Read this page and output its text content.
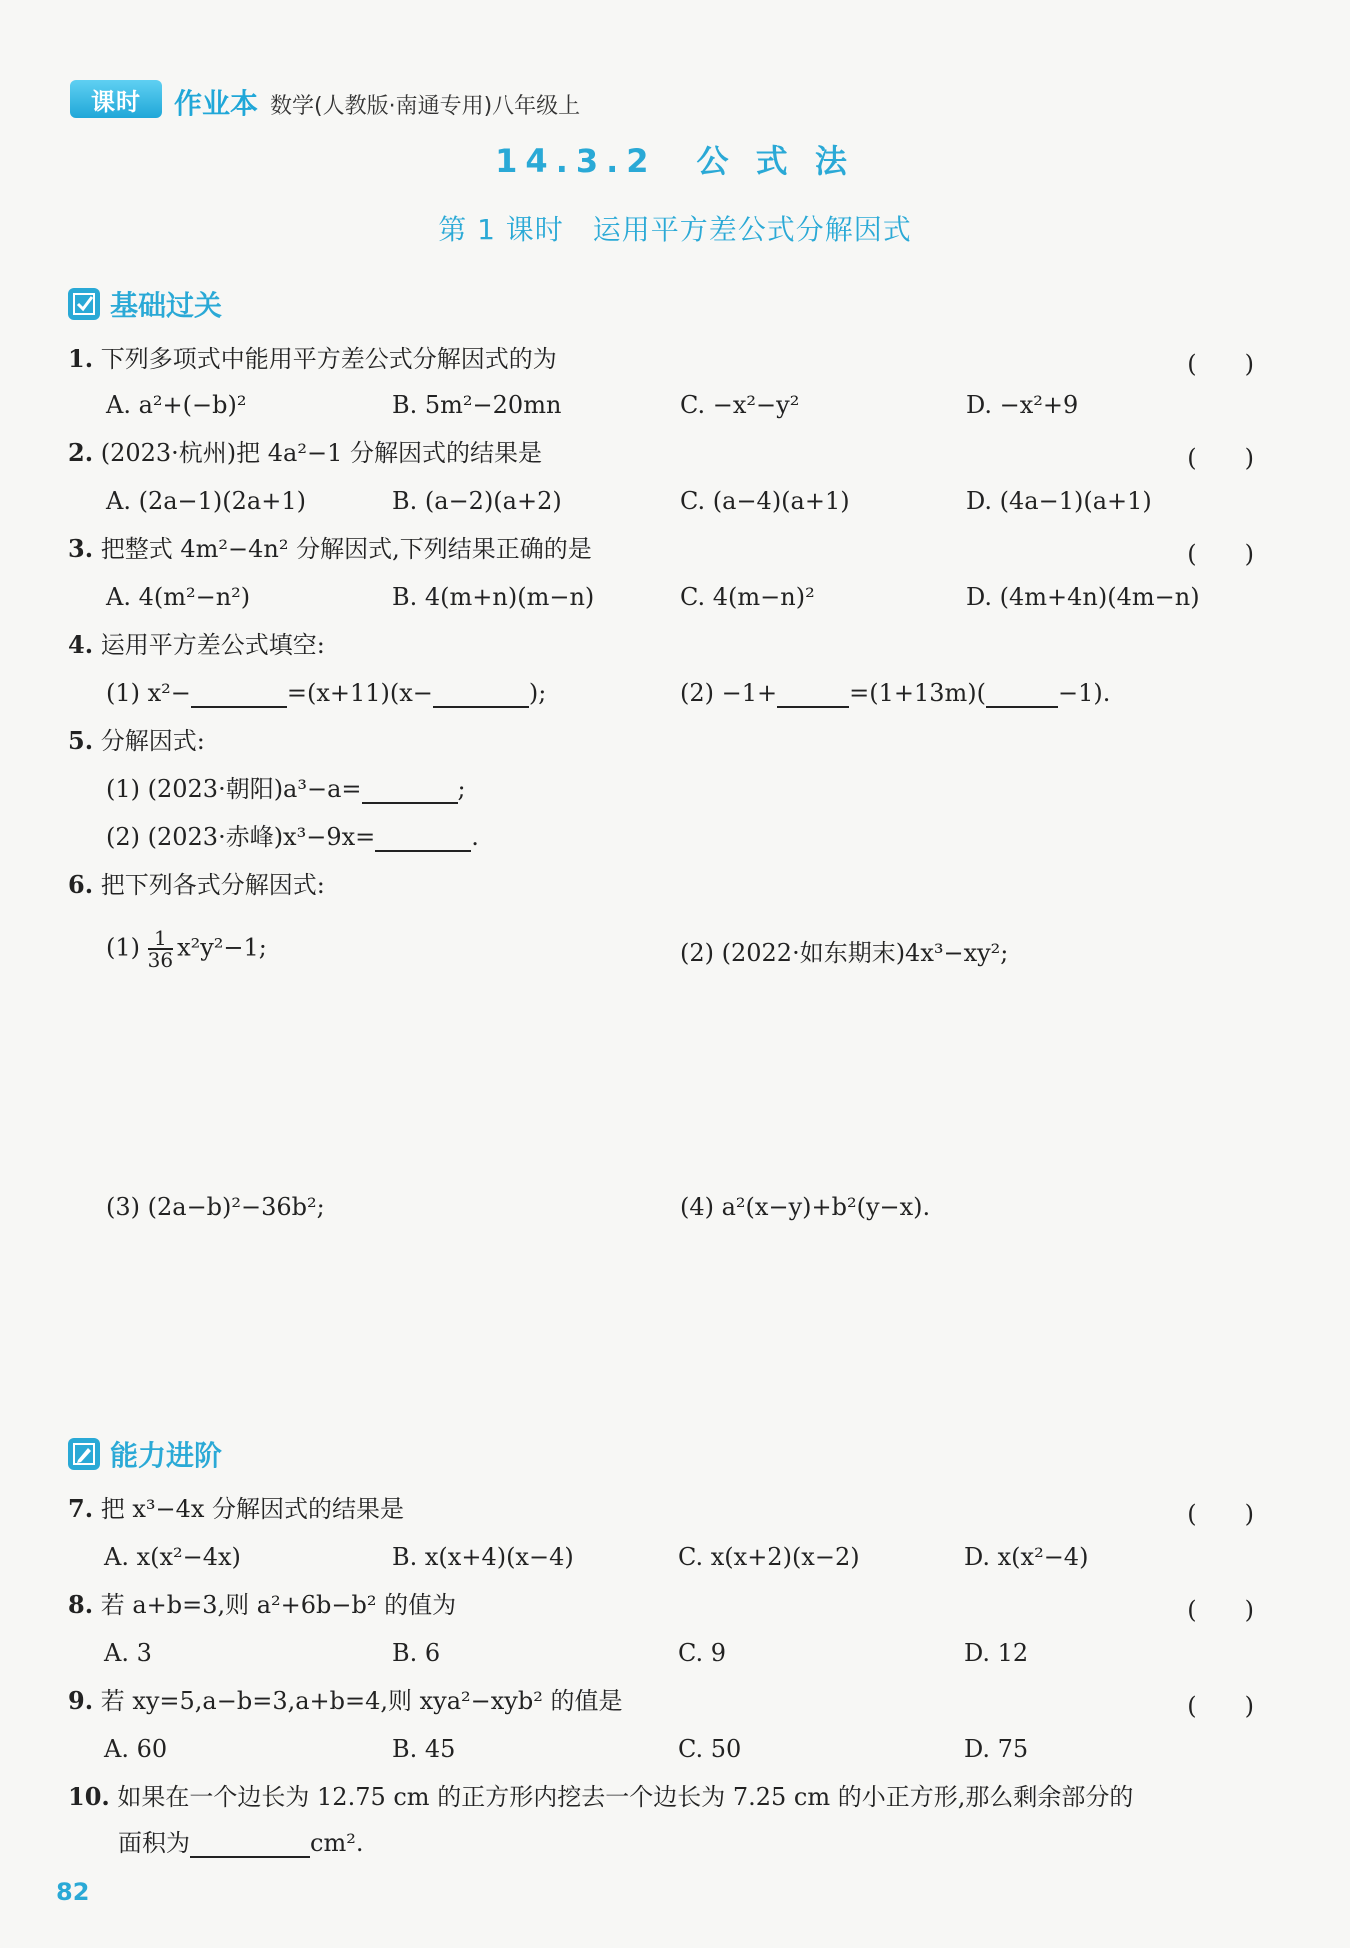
课时 作业本 数学(人教版·南通专用)八年级上
14.3.2　公 式 法
第 1 课时　运用平方差公式分解因式
基础过关
1. 下列多项式中能用平方差公式分解因式的为	(　　)
A. a²+(−b)²	B. 5m²−20mn	C. −x²−y²	D. −x²+9
2. (2023·杭州)把 4a²−1 分解因式的结果是	(　　)
A. (2a−1)(2a+1)	B. (a−2)(a+2)	C. (a−4)(a+1)	D. (4a−1)(a+1)
3. 把整式 4m²−4n² 分解因式,下列结果正确的是	(　　)
A. 4(m²−n²)	B. 4(m+n)(m−n)	C. 4(m−n)²	D. (4m+4n)(4m−n)
4. 运用平方差公式填空:
(1) x²−	=(x+11)(x−	);	(2) −1+	=(1+13m)(	−1).
5. 分解因式:
(1) (2023·朝阳)a³−a=	;
(2) (2023·赤峰)x³−9x=	.
6. 把下列各式分解因式:
$(1) \frac{1}{36} x^2y^2-1$;	(2) (2022·如东期末)4x³−xy²;
(3) (2a−b)²−36b²;	(4) a²(x−y)+b²(y−x).
能力进阶
7. 把 x³−4x 分解因式的结果是	(　　)
A. x(x²−4x)	B. x(x+4)(x−4)	C. x(x+2)(x−2)	D. x(x²−4)
8. 若 a+b=3,则 a²+6b−b² 的值为	(　　)
A. 3	B. 6	C. 9	D. 12
9. 若 xy=5,a−b=3,a+b=4,则 xya²−xyb² 的值是	(　　)
A. 60	B. 45	C. 50	D. 75
10. 如果在一个边长为 12.75 cm 的正方形内挖去一个边长为 7.25 cm 的小正方形,那么剩余部分的
面积为	cm².
82
